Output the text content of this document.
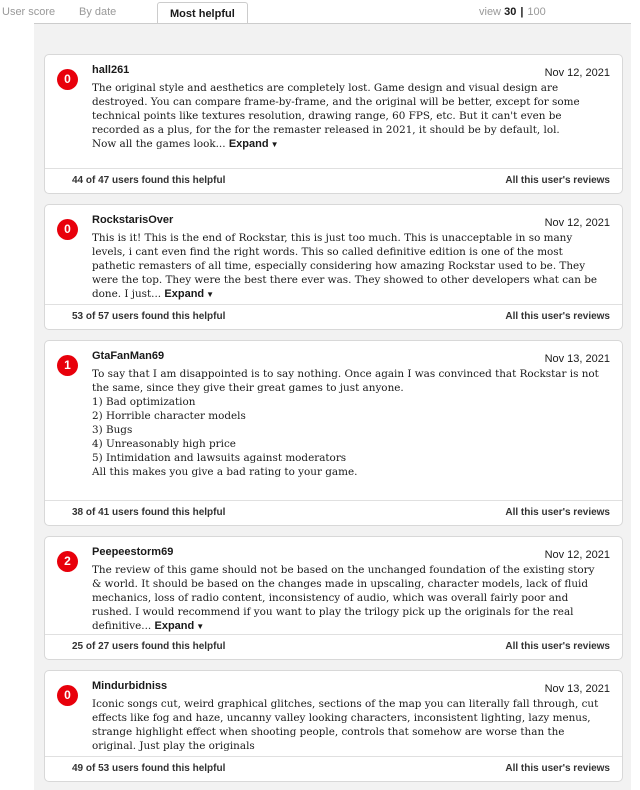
User score By date	Most helpful	view 30 | 100
0
hall261	Nov 12, 2021
The original style and aesthetics are completely lost. Game design and visual design are destroyed. You can compare frame-by-frame, and the original will be better, except for some technical points like textures resolution, drawing range, 60 FPS, etc. But it can't even be recorded as a plus, for the for the remaster released in 2021, it should be by default, lol.
Now all the games look... Expand ▼
44 of 47 users found this helpful	All this user's reviews
0
RockstarisOver	Nov 12, 2021
This is it! This is the end of Rockstar, this is just too much. This is unacceptable in so many levels, i cant even find the right words. This so called definitive edition is one of the most pathetic remasters of all time, especially considering how amazing Rockstar used to be. They were the top. They were the best there ever was. They showed to other developers what can be done. I just... Expand ▼
53 of 57 users found this helpful	All this user's reviews
1
GtaFanMan69	Nov 13, 2021
To say that I am disappointed is to say nothing. Once again I was convinced that Rockstar is not the same, since they give their great games to just anyone.
1) Bad optimization
2) Horrible character models
3) Bugs
4) Unreasonably high price
5) Intimidation and lawsuits against moderators
All this makes you give a bad rating to your game.
38 of 41 users found this helpful	All this user's reviews
2
Peepeestorm69	Nov 12, 2021
The review of this game should not be based on the unchanged foundation of the existing story & world. It should be based on the changes made in upscaling, character models, lack of fluid mechanics, loss of radio content, inconsistency of audio, which was overall fairly poor and rushed. I would recommend if you want to play the trilogy pick up the originals for the real definitive... Expand ▼
25 of 27 users found this helpful	All this user's reviews
0
Mindurbidniss	Nov 13, 2021
Iconic songs cut, weird graphical glitches, sections of the map you can literally fall through, cut effects like fog and haze, uncanny valley looking characters, inconsistent lighting, lazy menus, strange highlight effect when shooting people, controls that somehow are worse than the original. Just play the originals
49 of 53 users found this helpful	All this user's reviews
